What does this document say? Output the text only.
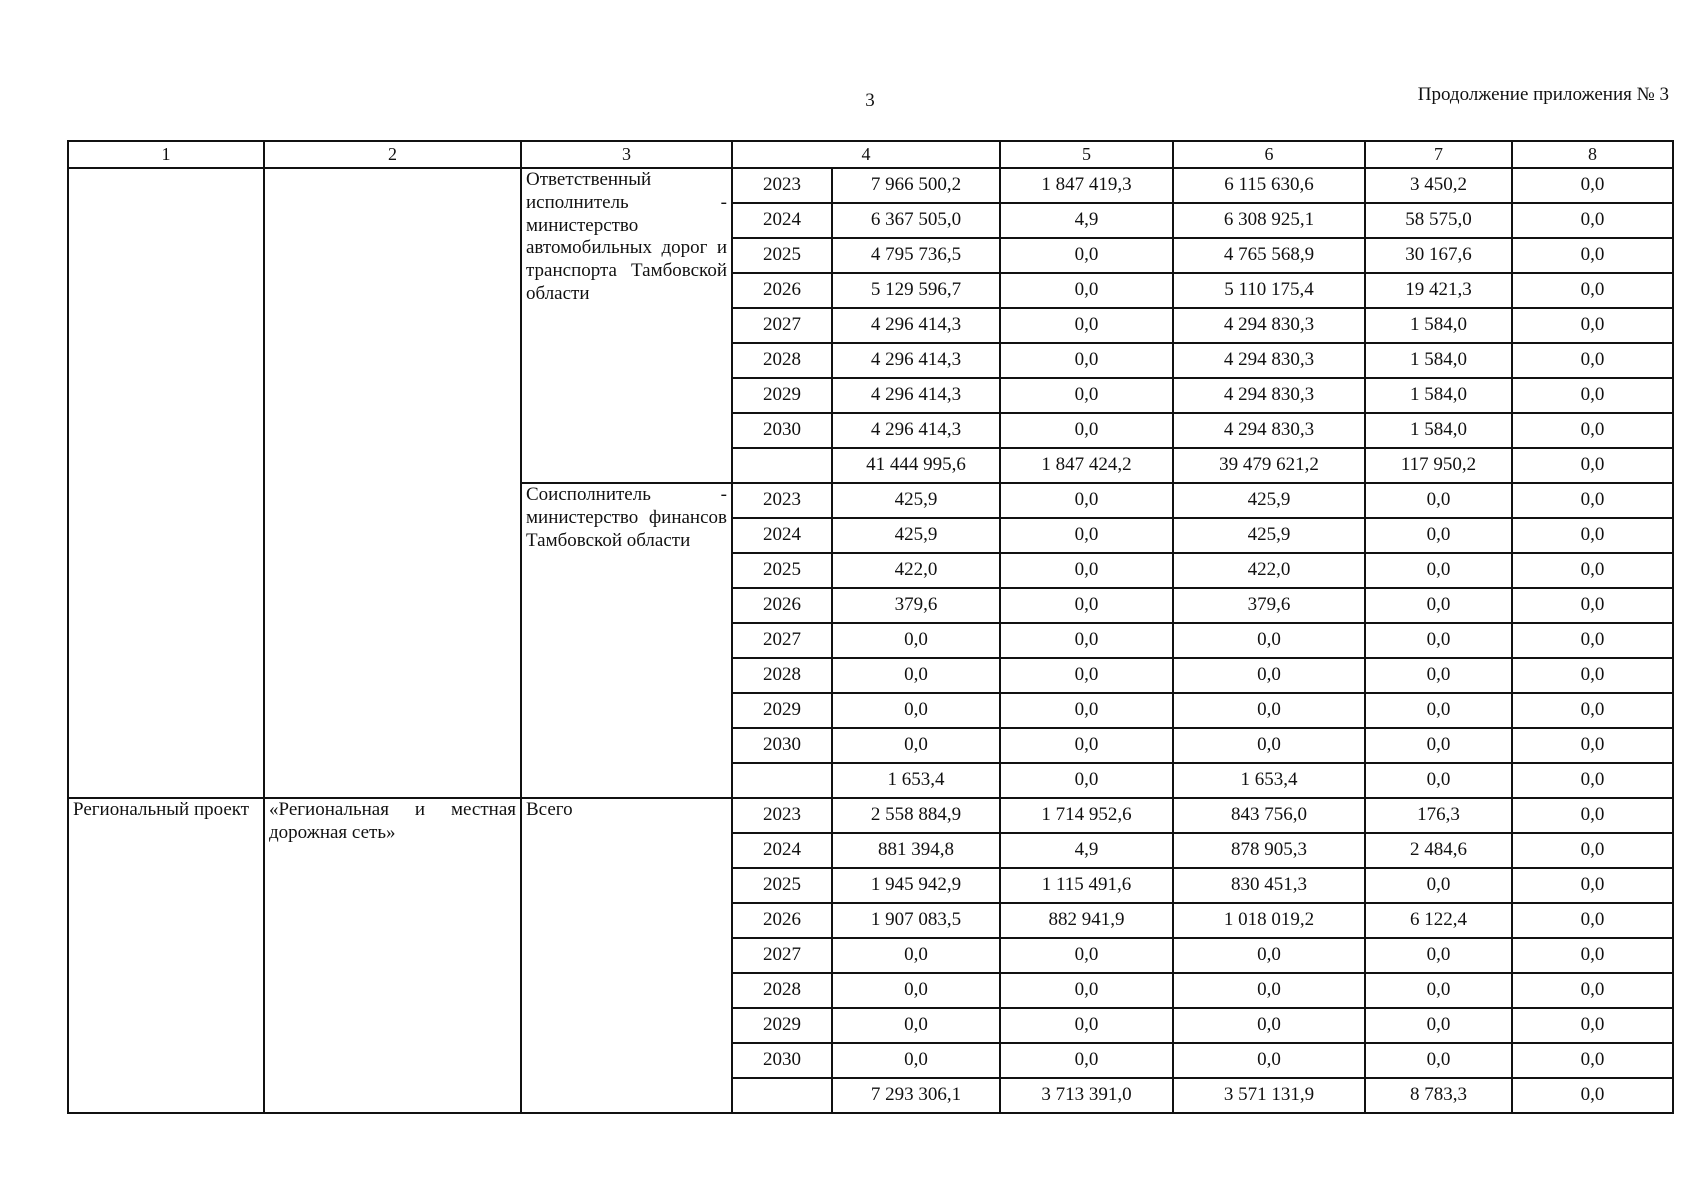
3	Продолжение приложения № 3
1	2	3	4		5	6	7	8
		Ответственный исполнитель - министерство автомобильных дорог и транспорта Тамбовской области	2023	7 966 500,2	1 847 419,3	6 115 630,6	3 450,2	0,0
			2024	6 367 505,0	4,9	6 308 925,1	58 575,0	0,0
			2025	4 795 736,5	0,0	4 765 568,9	30 167,6	0,0
			2026	5 129 596,7	0,0	5 110 175,4	19 421,3	0,0
			2027	4 296 414,3	0,0	4 294 830,3	1 584,0	0,0
			2028	4 296 414,3	0,0	4 294 830,3	1 584,0	0,0
			2029	4 296 414,3	0,0	4 294 830,3	1 584,0	0,0
			2030	4 296 414,3	0,0	4 294 830,3	1 584,0	0,0
				41 444 995,6	1 847 424,2	39 479 621,2	117 950,2	0,0
		Соисполнитель - министерство финансов Тамбовской области	2023	425,9	0,0	425,9	0,0	0,0
			2024	425,9	0,0	425,9	0,0	0,0
			2025	422,0	0,0	422,0	0,0	0,0
			2026	379,6	0,0	379,6	0,0	0,0
			2027	0,0	0,0	0,0	0,0	0,0
			2028	0,0	0,0	0,0	0,0	0,0
			2029	0,0	0,0	0,0	0,0	0,0
			2030	0,0	0,0	0,0	0,0	0,0
				1 653,4	0,0	1 653,4	0,0	0,0
Региональный проект	«Региональная и местная дорожная сеть»	Всего	2023	2 558 884,9	1 714 952,6	843 756,0	176,3	0,0
			2024	881 394,8	4,9	878 905,3	2 484,6	0,0
			2025	1 945 942,9	1 115 491,6	830 451,3	0,0	0,0
			2026	1 907 083,5	882 941,9	1 018 019,2	6 122,4	0,0
			2027	0,0	0,0	0,0	0,0	0,0
			2028	0,0	0,0	0,0	0,0	0,0
			2029	0,0	0,0	0,0	0,0	0,0
			2030	0,0	0,0	0,0	0,0	0,0
				7 293 306,1	3 713 391,0	3 571 131,9	8 783,3	0,0
